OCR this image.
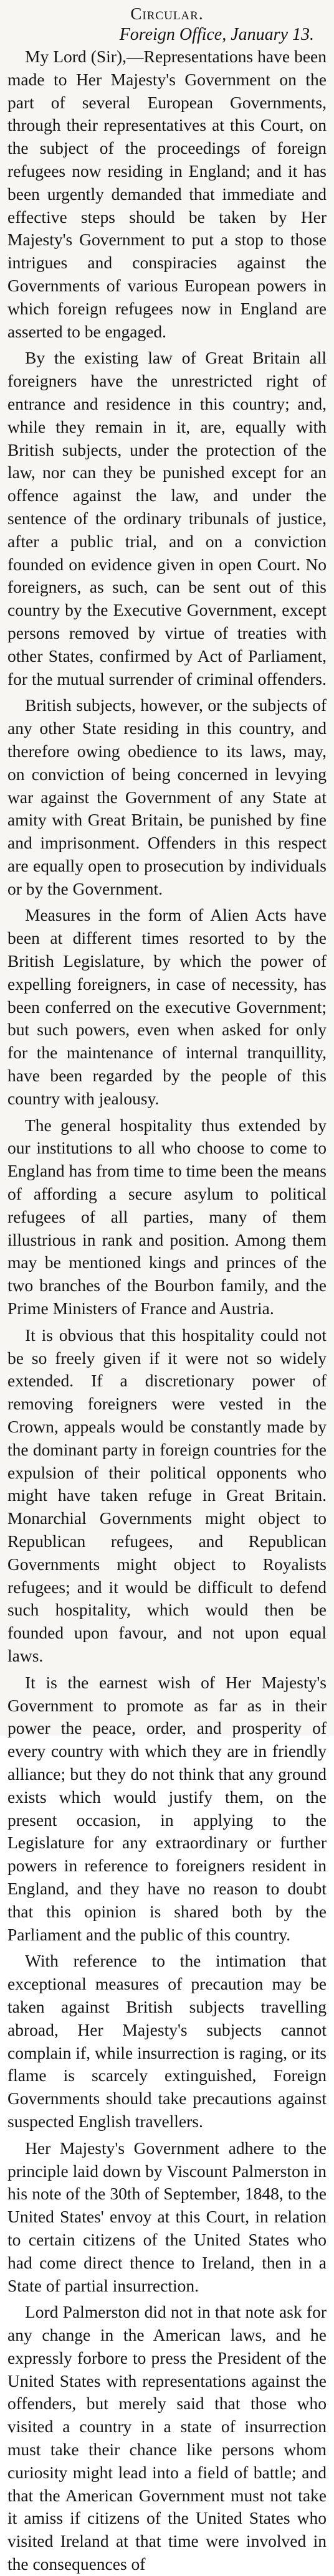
Circular.

Foreign Office, January 13.

My Lord (Sir),—Representations have been made to Her Majesty's Government on the part of several European Governments, through their representatives at this Court, on the subject of the proceedings of foreign refugees now residing in England; and it has been urgently demanded that immediate and effective steps should be taken by Her Majesty's Government to put a stop to those intrigues and conspiracies against the Governments of various European powers in which foreign refugees now in England are asserted to be engaged.

By the existing law of Great Britain all foreigners have the unrestricted right of entrance and residence in this country; and, while they remain in it, are, equally with British subjects, under the protection of the law, nor can they be punished except for an offence against the law, and under the sentence of the ordinary tribunals of justice, after a public trial, and on a conviction founded on evidence given in open Court. No foreigners, as such, can be sent out of this country by the Executive Government, except persons removed by virtue of treaties with other States, confirmed by Act of Parliament, for the mutual surrender of criminal offenders.

British subjects, however, or the subjects of any other State residing in this country, and therefore owing obedience to its laws, may, on conviction of being concerned in levying war against the Government of any State at amity with Great Britain, be punished by fine and imprisonment. Offenders in this respect are equally open to prosecution by individuals or by the Government.

Measures in the form of Alien Acts have been at different times resorted to by the British Legislature, by which the power of expelling foreigners, in case of necessity, has been conferred on the executive Government; but such powers, even when asked for only for the maintenance of internal tranquillity, have been regarded by the people of this country with jealousy.

The general hospitality thus extended by our institutions to all who choose to come to England has from time to time been the means of affording a secure asylum to political refugees of all parties, many of them illustrious in rank and position. Among them may be mentioned kings and princes of the two branches of the Bourbon family, and the Prime Ministers of France and Austria.

It is obvious that this hospitality could not be so freely given if it were not so widely extended. If a discretionary power of removing foreigners were vested in the Crown, appeals would be constantly made by the dominant party in foreign countries for the expulsion of their political opponents who might have taken refuge in Great Britain. Monarchial Governments might object to Republican refugees, and Republican Governments might object to Royalists refugees; and it would be difficult to defend such hospitality, which would then be founded upon favour, and not upon equal laws.

It is the earnest wish of Her Majesty's Government to promote as far as in their power the peace, order, and prosperity of every country with which they are in friendly alliance; but they do not think that any ground exists which would justify them, on the present occasion, in applying to the Legislature for any extraordinary or further powers in reference to foreigners resident in England, and they have no reason to doubt that this opinion is shared both by the Parliament and the public of this country.

With reference to the intimation that exceptional measures of precaution may be taken against British subjects travelling abroad, Her Majesty's subjects cannot complain if, while insurrection is raging, or its flame is scarcely extinguished, Foreign Governments should take precautions against suspected English travellers.

Her Majesty's Government adhere to the principle laid down by Viscount Palmerston in his note of the 30th of September, 1848, to the United States' envoy at this Court, in relation to certain citizens of the United States who had come direct thence to Ireland, then in a State of partial insurrection.

Lord Palmerston did not in that note ask for any change in the American laws, and he expressly forbore to press the President of the United States with representations against the offenders, but merely said that those who visited a country in a state of insurrection must take their chance like persons whom curiosity might lead into a field of battle; and that the American Government must not take it amiss if citizens of the United States who visited Ireland at that time were involved in the consequences of
